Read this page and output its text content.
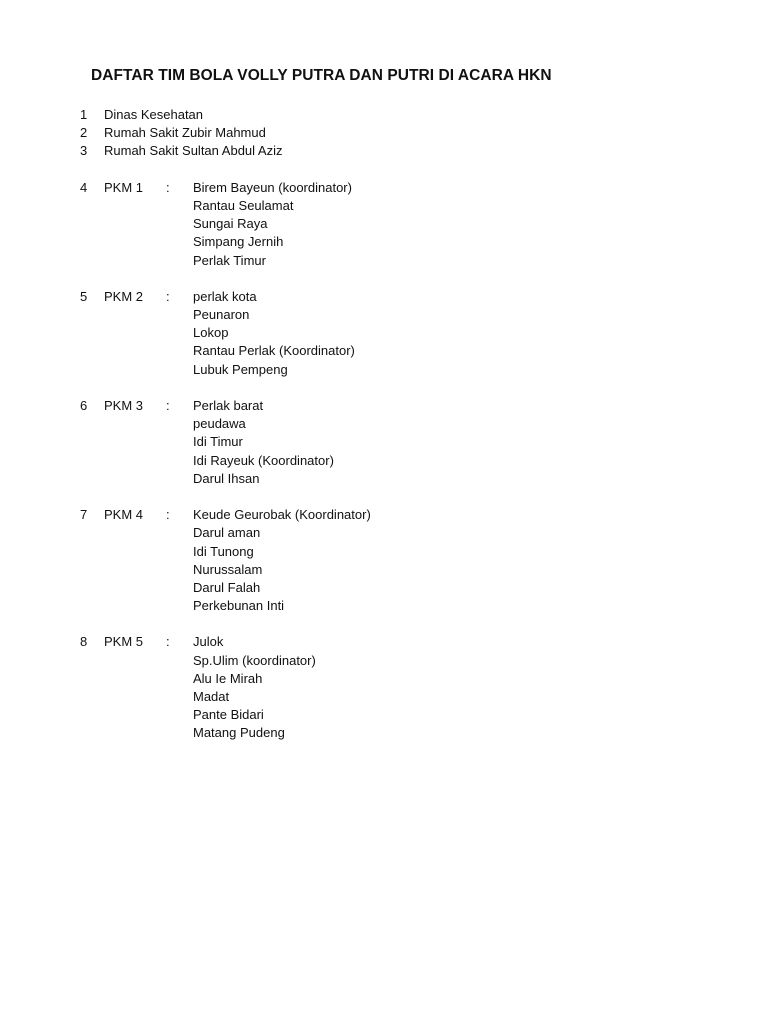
DAFTAR TIM BOLA VOLLY PUTRA DAN PUTRI DI ACARA HKN
1 Dinas Kesehatan
2 Rumah Sakit Zubir Mahmud
3 Rumah Sakit Sultan Abdul Aziz
4 PKM 1 : Birem Bayeun (koordinator)
Rantau Seulamat
Sungai Raya
Simpang Jernih
Perlak Timur
5 PKM 2 : perlak kota
Peunaron
Lokop
Rantau Perlak (Koordinator)
Lubuk Pempeng
6 PKM 3 : Perlak barat
peudawa
Idi Timur
Idi Rayeuk (Koordinator)
Darul Ihsan
7 PKM 4 : Keude Geurobak (Koordinator)
Darul aman
Idi Tunong
Nurussalam
Darul Falah
Perkebunan Inti
8 PKM 5 : Julok
Sp.Ulim (koordinator)
Alu Ie Mirah
Madat
Pante Bidari
Matang Pudeng
